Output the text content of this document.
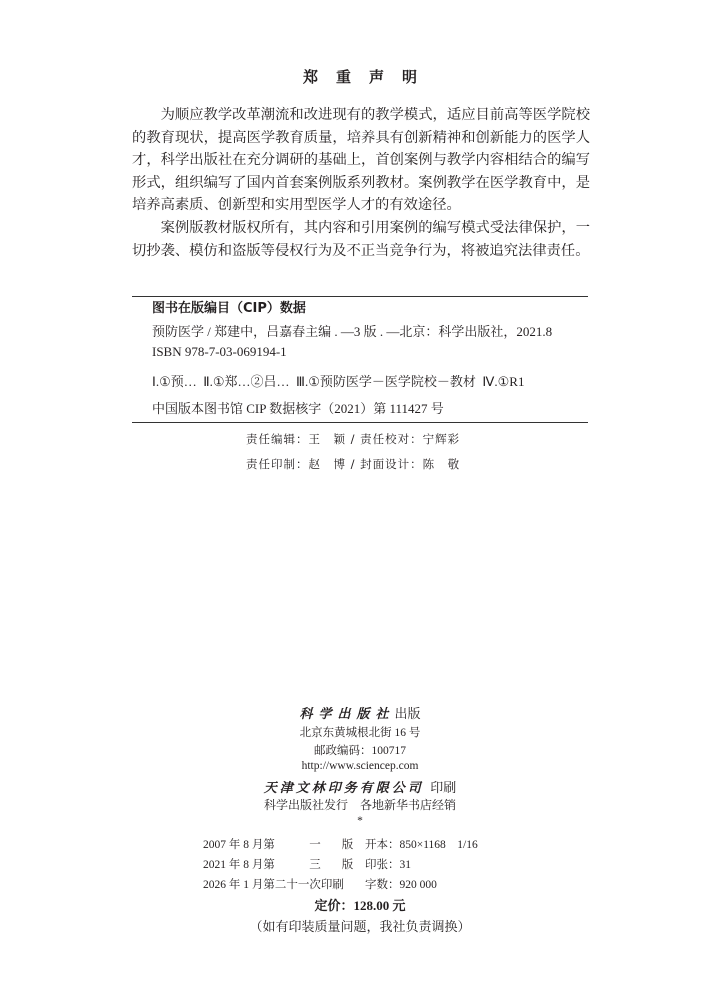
郑重声明

为顺应教学改革潮流和改进现有的教学模式，适应目前高等医学院校的教育现状，提高医学教育质量，培养具有创新精神和创新能力的医学人才，科学出版社在充分调研的基础上，首创案例与教学内容相结合的编写形式，组织编写了国内首套案例版系列教材。案例教学在医学教育中，是培养高素质、创新型和实用型医学人才的有效途径。

案例版教材版权所有，其内容和引用案例的编写模式受法律保护，一切抄袭、模仿和盗版等侵权行为及不正当竞争行为，将被追究法律责任。

图书在版编目（CIP）数据
预防医学 / 郑建中，吕嘉春主编 . —3 版 . —北京：科学出版社，2021.8
ISBN 978-7-03-069194-1
Ⅰ.①预…  Ⅱ.①郑…②吕…  Ⅲ.①预防医学－医学院校－教材  Ⅳ.①R1
中国版本图书馆 CIP 数据核字（2021）第 111427 号
责任编辑：王　颖 / 责任校对：宁辉彩
责任印制：赵　博 / 封面设计：陈　敬
科学出版社出版
北京东黄城根北街 16 号
邮政编码：100717
http://www.sciencep.com
天津文林印务有限公司 印刷
科学出版社发行　各地新华书店经销
*
2007 年 8 月第	一 版 开本：850×1168　1/16
2021 年 8 月第	三 版 印张：31
2026 年 1 月第二十一次印刷 字数：920 000
定价：128.00 元
（如有印装质量问题，我社负责调换）
